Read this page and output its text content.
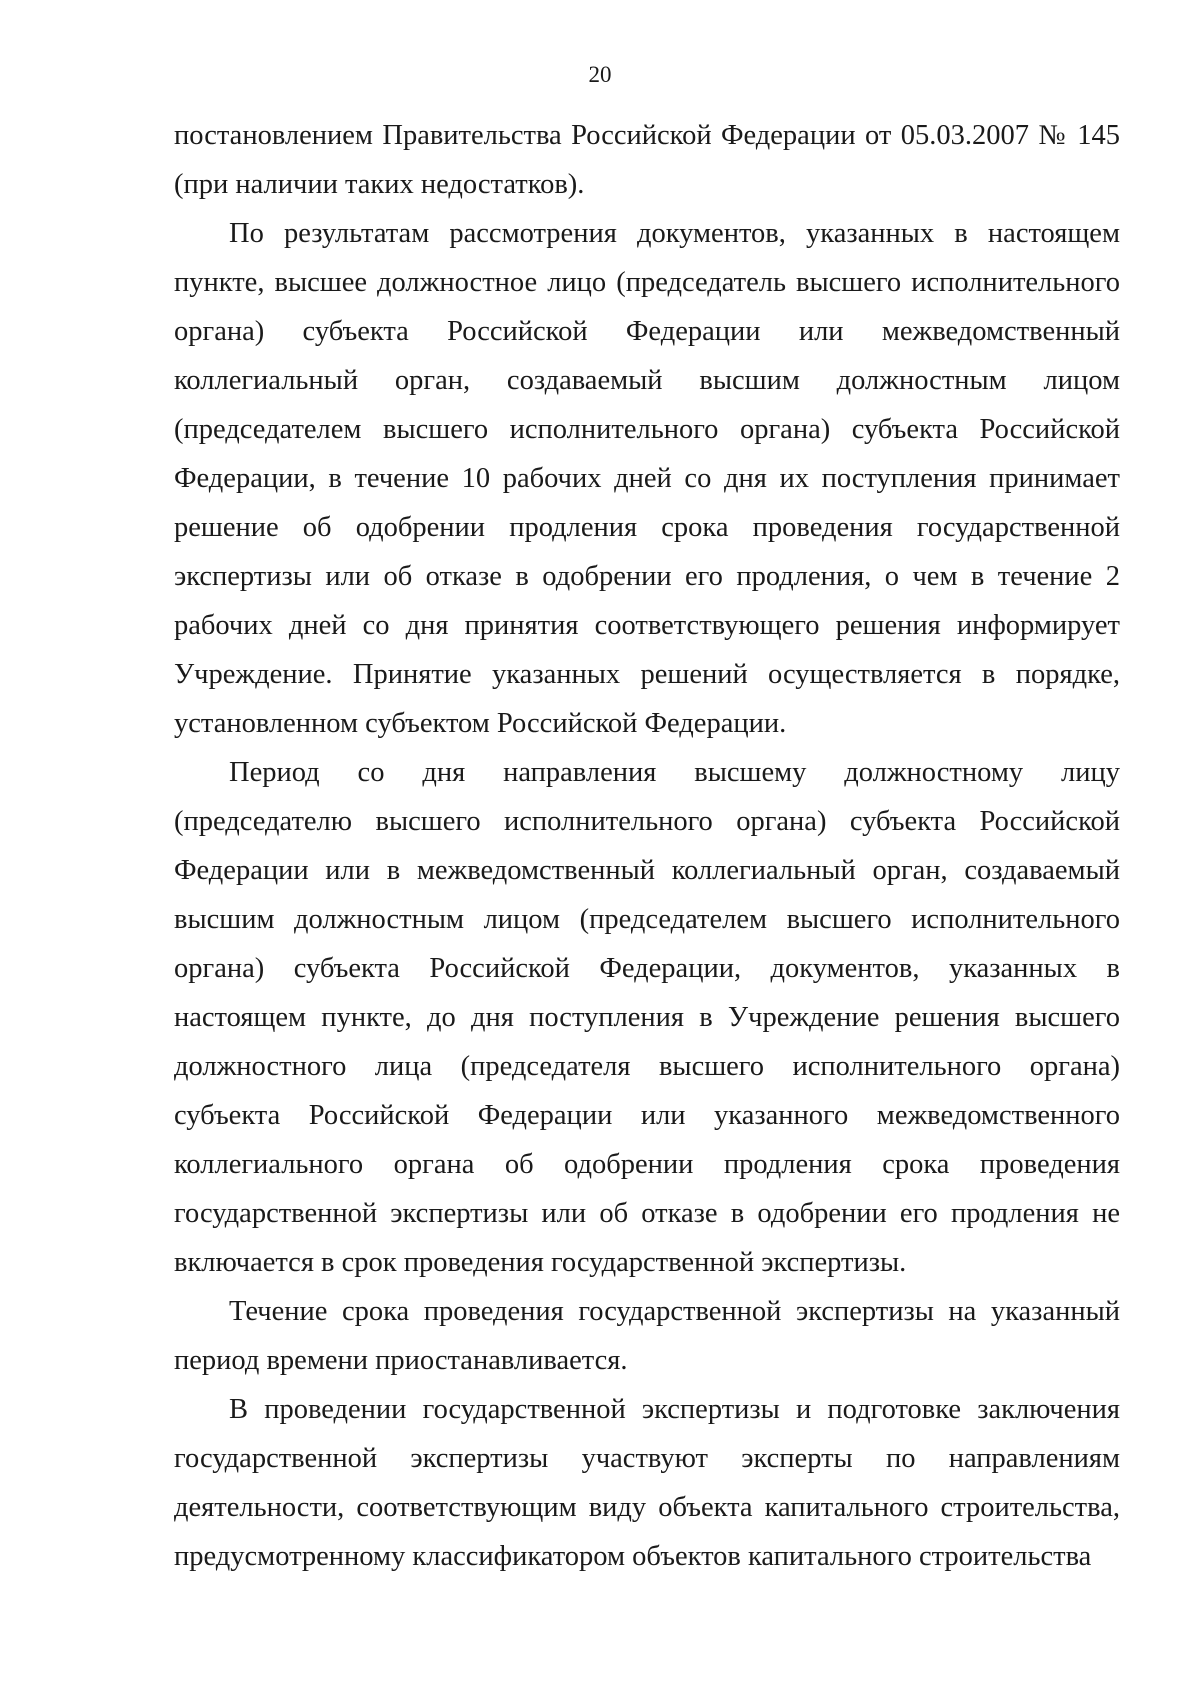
20

постановлением Правительства Российской Федерации от 05.03.2007 № 145 (при наличии таких недостатков).

По результатам рассмотрения документов, указанных в настоящем пункте, высшее должностное лицо (председатель высшего исполнительного органа) субъекта Российской Федерации или межведомственный коллегиальный орган, создаваемый высшим должностным лицом (председателем высшего исполнительного органа) субъекта Российской Федерации, в течение 10 рабочих дней со дня их поступления принимает решение об одобрении продления срока проведения государственной экспертизы или об отказе в одобрении его продления, о чем в течение 2 рабочих дней со дня принятия соответствующего решения информирует Учреждение. Принятие указанных решений осуществляется в порядке, установленном субъектом Российской Федерации.

Период со дня направления высшему должностному лицу (председателю высшего исполнительного органа) субъекта Российской Федерации или в межведомственный коллегиальный орган, создаваемый высшим должностным лицом (председателем высшего исполнительного органа) субъекта Российской Федерации, документов, указанных в настоящем пункте, до дня поступления в Учреждение решения высшего должностного лица (председателя высшего исполнительного органа) субъекта Российской Федерации или указанного межведомственного коллегиального органа об одобрении продления срока проведения государственной экспертизы или об отказе в одобрении его продления не включается в срок проведения государственной экспертизы.

Течение срока проведения государственной экспертизы на указанный период времени приостанавливается.

В проведении государственной экспертизы и подготовке заключения государственной экспертизы участвуют эксперты по направлениям деятельности, соответствующим виду объекта капитального строительства, предусмотренному классификатором объектов капитального строительства
